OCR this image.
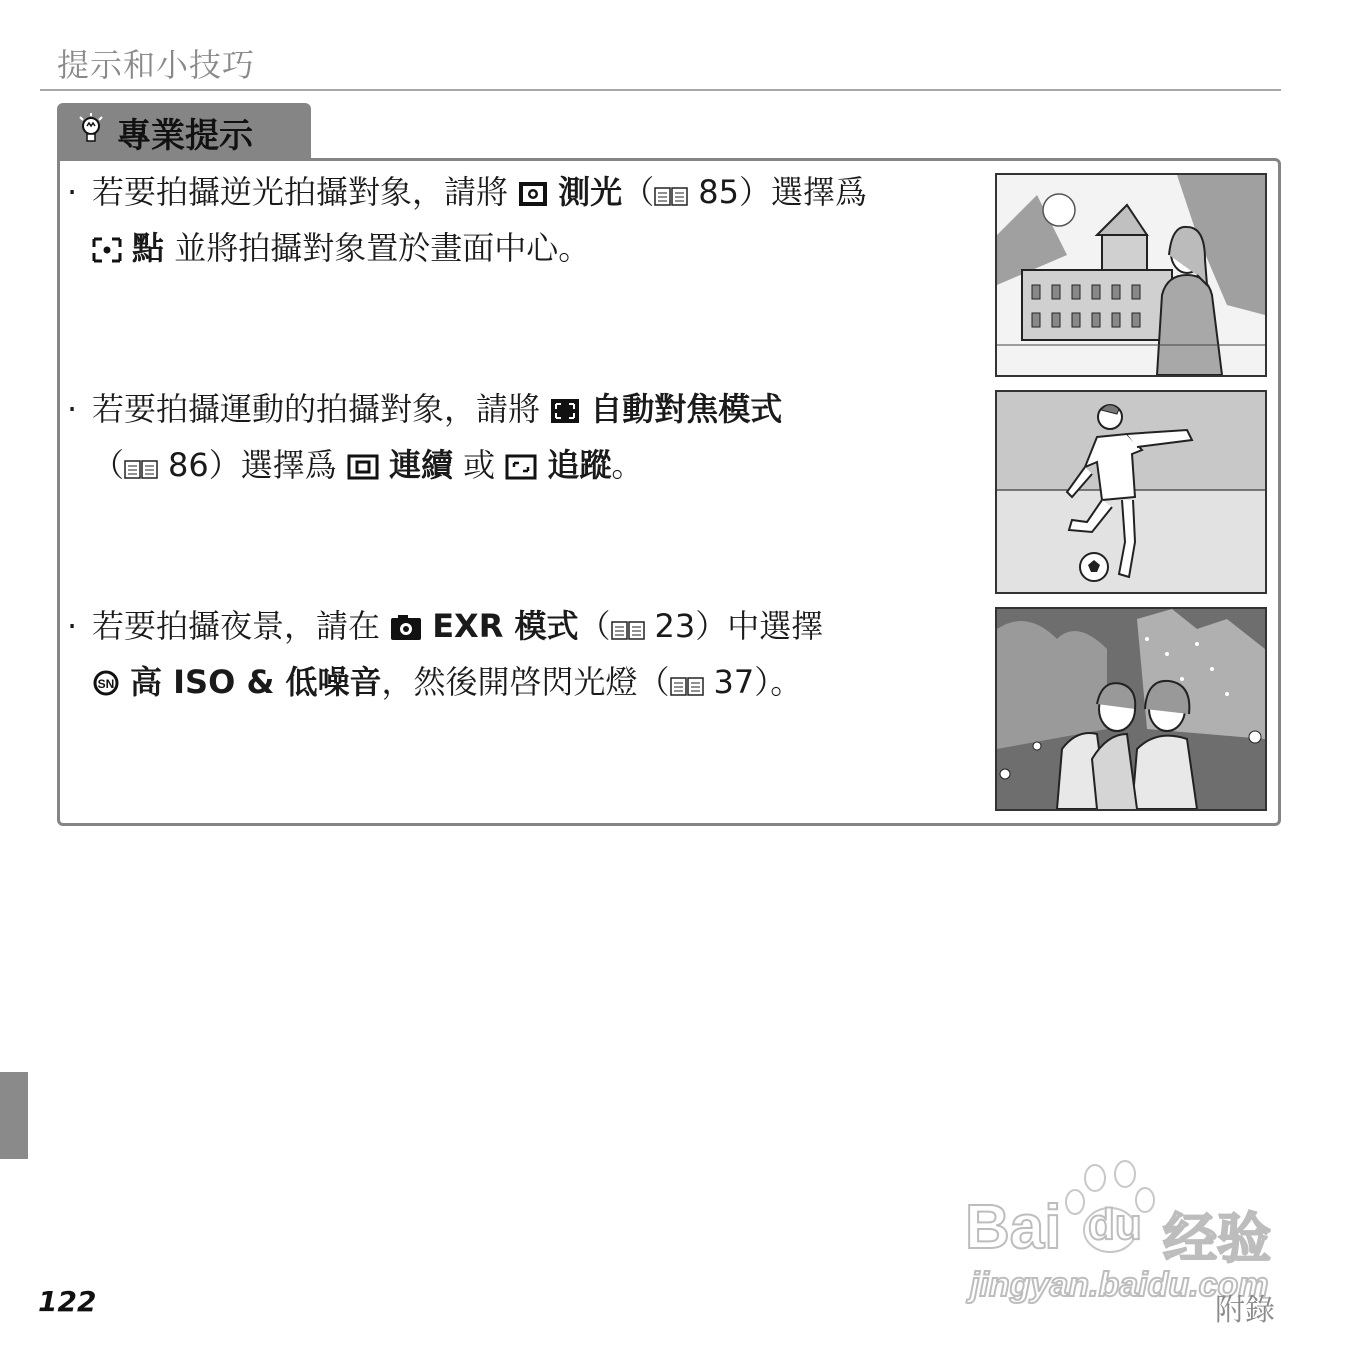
提示和小技巧
專業提示
· 若要拍攝逆光拍攝對象，請將 測光（ 85）選擇爲
點 並將拍攝對象置於畫面中心。
· 若要拍攝運動的拍攝對象，請將 自動對焦模式
（ 86）選擇爲 連續 或 追蹤。
· 若要拍攝夜景，請在 EXR 模式（ 23）中選擇
SN 高 ISO & 低噪音，然後開啓閃光燈（ 37）。
Bai du 经验
jingyan.baidu.com
122	附錄
